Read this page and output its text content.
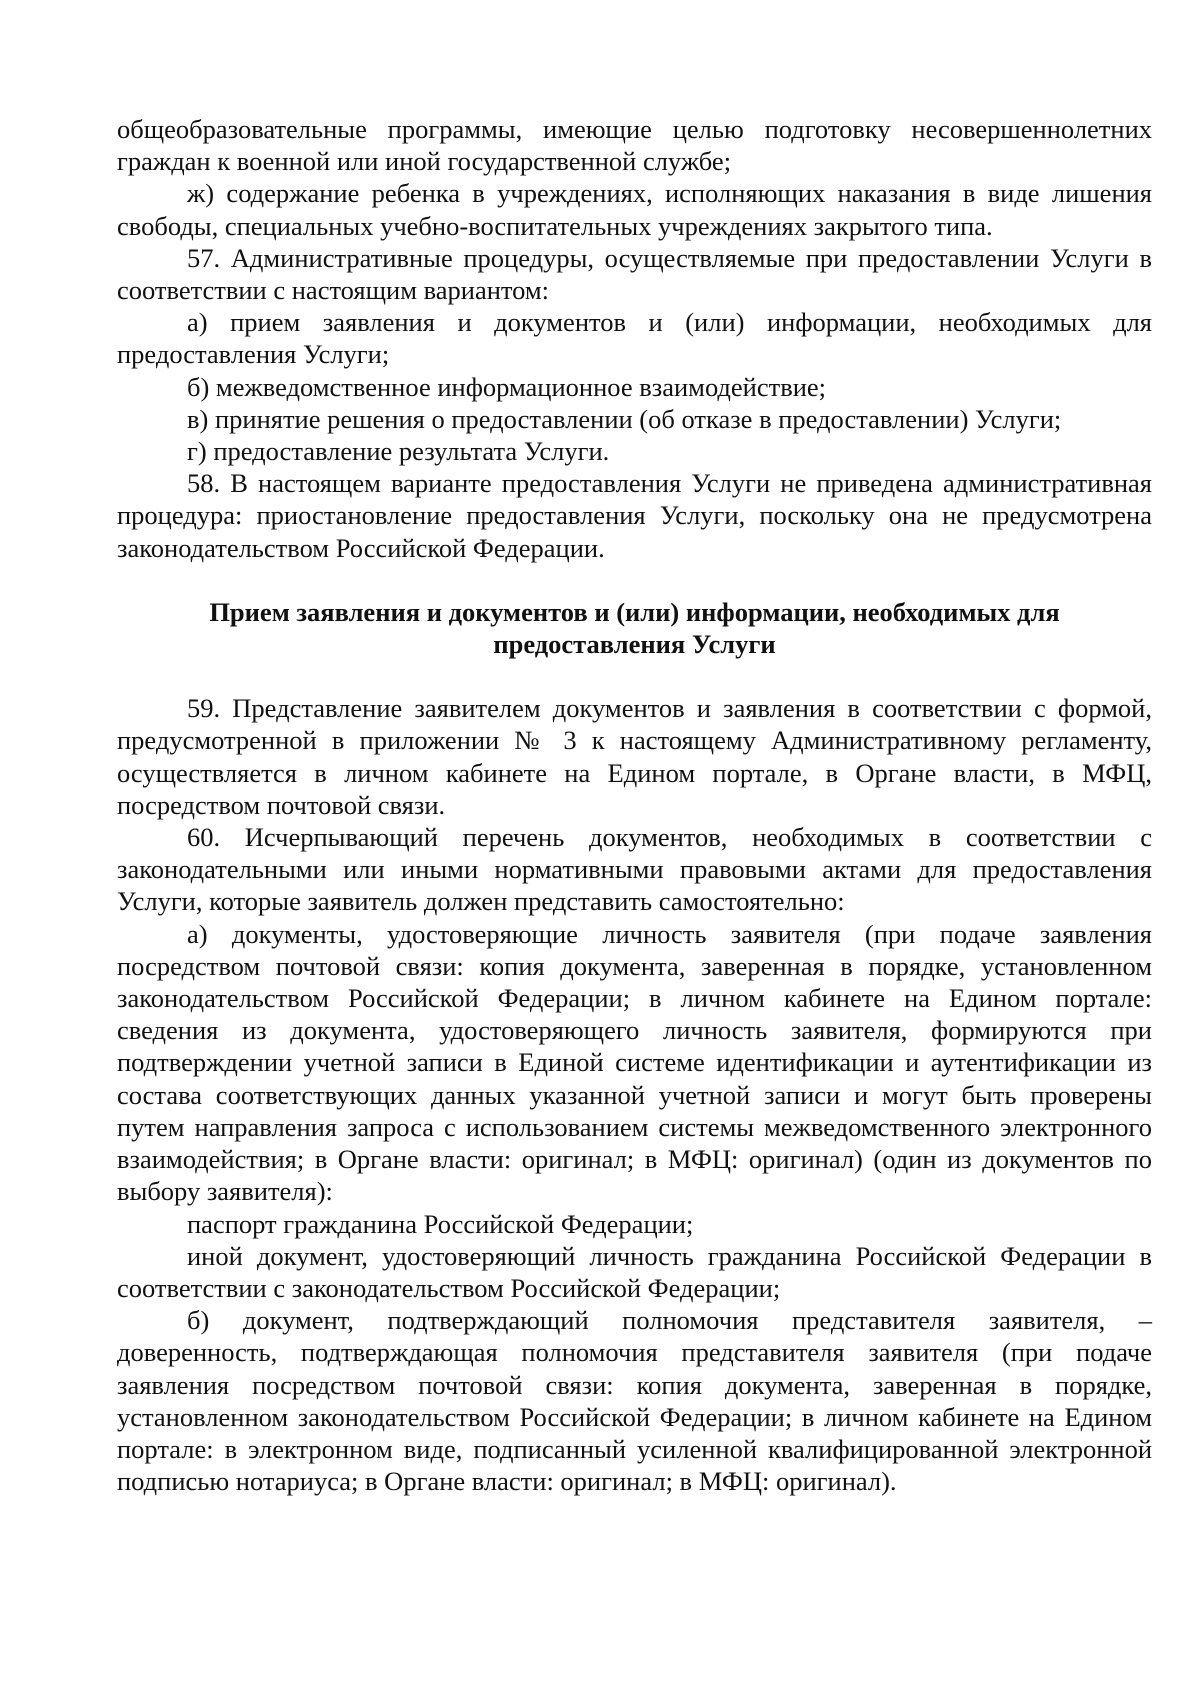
общеобразовательные программы, имеющие целью подготовку несовершеннолетних граждан к военной или иной государственной службе;

ж) содержание ребенка в учреждениях, исполняющих наказания в виде лишения свободы, специальных учебно-воспитательных учреждениях закрытого типа.

57. Административные процедуры, осуществляемые при предоставлении Услуги в соответствии с настоящим вариантом:

а) прием заявления и документов и (или) информации, необходимых для предоставления Услуги;

б) межведомственное информационное взаимодействие;

в) принятие решения о предоставлении (об отказе в предоставлении) Услуги;

г) предоставление результата Услуги.

58. В настоящем варианте предоставления Услуги не приведена административная процедура: приостановление предоставления Услуги, поскольку она не предусмотрена законодательством Российской Федерации.

Прием заявления и документов и (или) информации, необходимых для
предоставления Услуги

59. Представление заявителем документов и заявления в соответствии с формой, предусмотренной в приложении № 3 к настоящему Административному регламенту, осуществляется в личном кабинете на Едином портале, в Органе власти, в МФЦ, посредством почтовой связи.

60. Исчерпывающий перечень документов, необходимых в соответствии с законодательными или иными нормативными правовыми актами для предоставления Услуги, которые заявитель должен представить самостоятельно:

а) документы, удостоверяющие личность заявителя (при подаче заявления посредством почтовой связи: копия документа, заверенная в порядке, установленном законодательством Российской Федерации; в личном кабинете на Едином портале: сведения из документа, удостоверяющего личность заявителя, формируются при подтверждении учетной записи в Единой системе идентификации и аутентификации из состава соответствующих данных указанной учетной записи и могут быть проверены путем направления запроса с использованием системы межведомственного электронного взаимодействия; в Органе власти: оригинал; в МФЦ: оригинал) (один из документов по выбору заявителя):

паспорт гражданина Российской Федерации;

иной документ, удостоверяющий личность гражданина Российской Федерации в соответствии с законодательством Российской Федерации;

б) документ, подтверждающий полномочия представителя заявителя, – доверенность, подтверждающая полномочия представителя заявителя (при подаче заявления посредством почтовой связи: копия документа, заверенная в порядке, установленном законодательством Российской Федерации; в личном кабинете на Едином портале: в электронном виде, подписанный усиленной квалифицированной электронной подписью нотариуса; в Органе власти: оригинал; в МФЦ: оригинал).
